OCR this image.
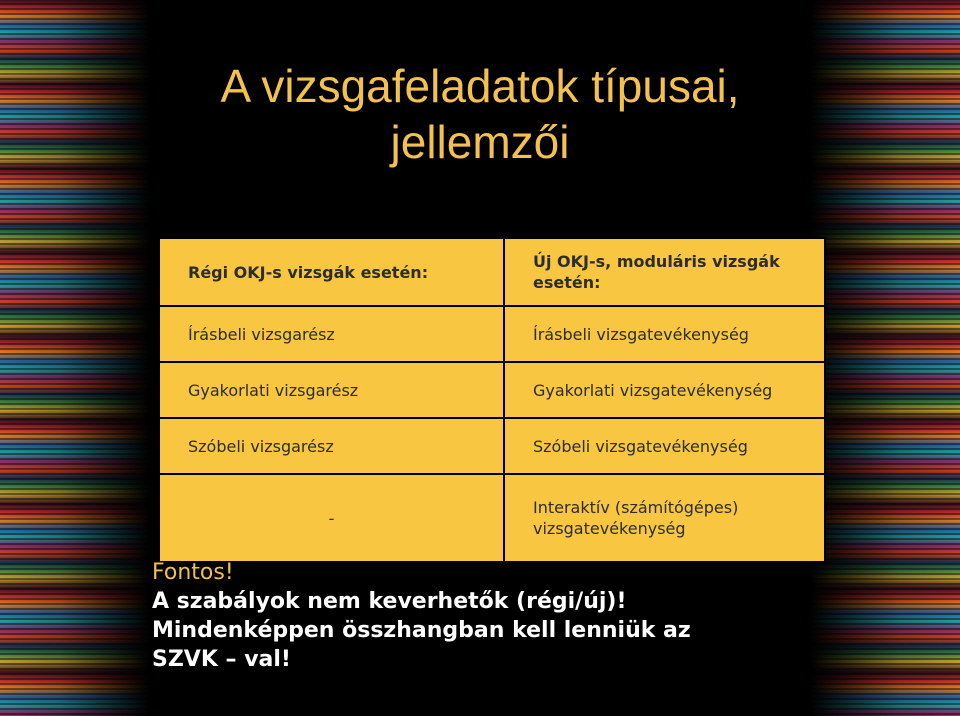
A vizsgafeladatok típusai,
jellemzői
Régi OKJ-s vizsgák esetén:	Új OKJ-s, moduláris vizsgák esetén:
Írásbeli vizsgarész	Írásbeli vizsgatevékenység
Gyakorlati vizsgarész	Gyakorlati vizsgatevékenység
Szóbeli vizsgarész	Szóbeli vizsgatevékenység
-	Interaktív (számítógépes) vizsgatevékenység
Fontos!
A szabályok nem keverhetők (régi/új)!
Mindenképpen összhangban kell lenniük az
SZVK – val!
